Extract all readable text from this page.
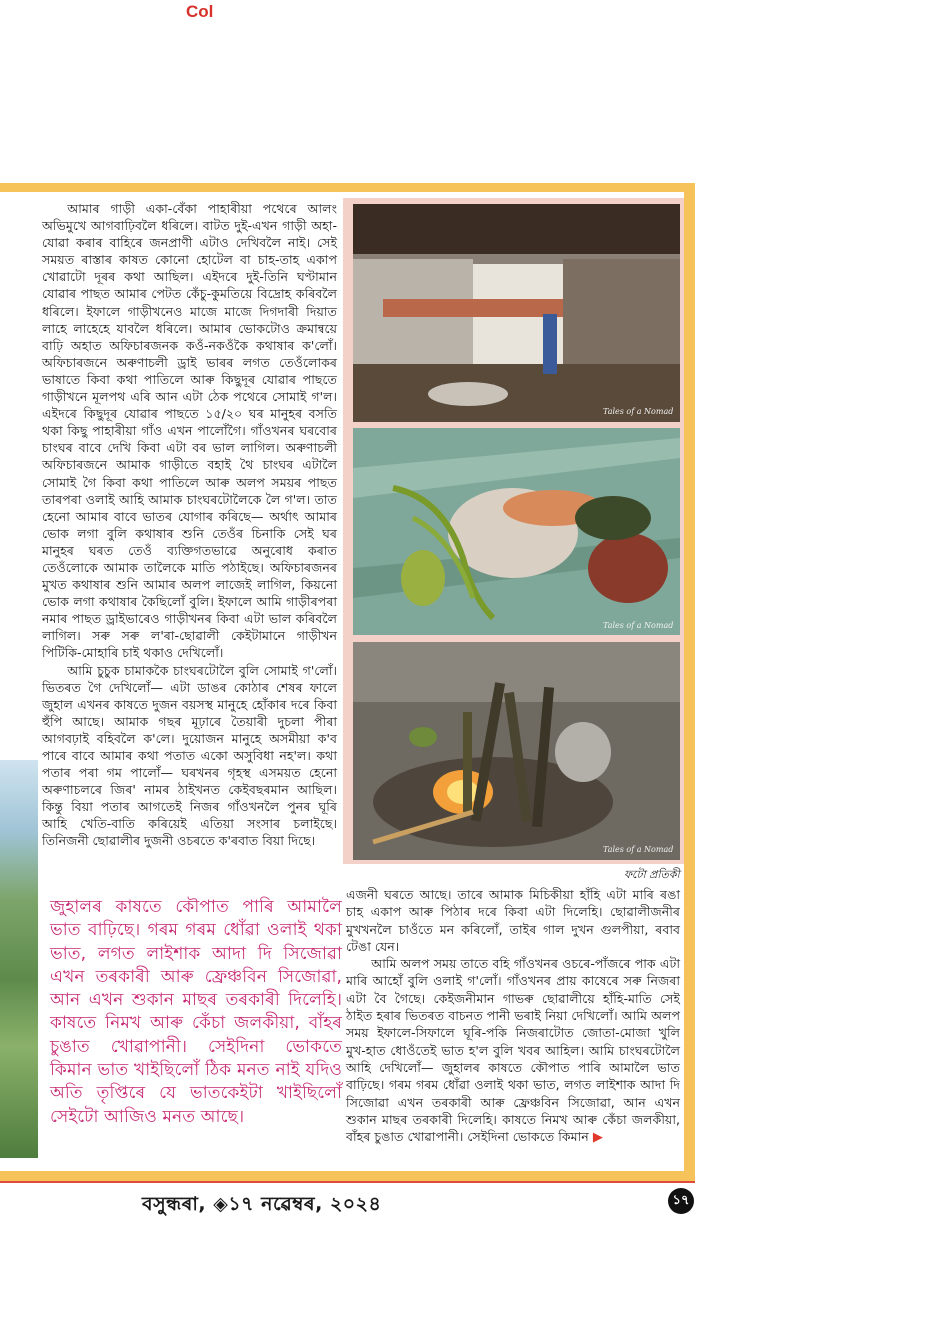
Col

আমাৰ গাড়ী একা-বেঁকা পাহাৰীয়া পথেৰে আলং অভিমুখে আগবাঢ়িবলৈ ধৰিলে। বাটত দুই-এখন গাড়ী অহা-যোৱা কৰাৰ বাহিৰে জনপ্ৰাণী এটাও দেখিবলৈ নাই। সেই সময়ত ৰাস্তাৰ কাষত কোনো হোটেল বা চাহ-তাহ একাপ খোৱাটো দূৰৰ কথা আছিল। এইদৰে দুই-তিনি ঘণ্টামান যোৱাৰ পাছত আমাৰ পেটত কেঁচু-কুমতিয়ে বিদ্ৰোহ কৰিবলৈ ধৰিলে। ইফালে গাড়ীখনেও মাজে মাজে দিগদাৰী দিয়াত লাহে লাহেহে যাবলৈ ধৰিলে। আমাৰ ভোকটোও ক্ৰমান্বয়ে বাঢ়ি অহাত অফিচাৰজনক কওঁ-নকওঁকৈ কথাষাৰ ক'লোঁ। অফিচাৰজনে অৰুণাচলী ড্ৰাই ভাৰৰ লগত তেওঁলোকৰ ভাষাতে কিবা কথা পাতিলে আৰু কিছুদূৰ যোৱাৰ পাছতে গাড়ীখনে মূলপথ এৰি আন এটা ঠেক পথেৰে সোমাই গ'ল। এইদৰে কিছুদূৰ যোৱাৰ পাছতে ১৫/২০ ঘৰ মানুহৰ বসতি থকা কিছু পাহাৰীয়া গাঁও এখন পালোঁগৈ। গাঁওখনৰ ঘৰবোৰ চাংঘৰ বাবে দেখি কিবা এটা বৰ ভাল লাগিল। অৰুণাচলী অফিচাৰজনে আমাক গাড়ীতে বহাই থৈ চাংঘৰ এটালৈ সোমাই গৈ কিবা কথা পাতিলে আৰু অলপ সময়ৰ পাছত তাৰপৰা ওলাই আহি আমাক চাংঘৰটোলৈকে লৈ গ'ল। তাত হেনো আমাৰ বাবে ভাতৰ যোগাৰ কৰিছে— অৰ্থাৎ আমাৰ ভোক লগা বুলি কথাষাৰ শুনি তেওঁৰ চিনাকি সেই ঘৰ মানুহৰ ঘৰত তেওঁ ব্যক্তিগতভাৱে অনুৰোধ কৰাত তেওঁলোকে আমাক তালৈকে মাতি পঠাইছে। অফিচাৰজনৰ মুখত কথাষাৰ শুনি আমাৰ অলপ লাজেই লাগিল, কিয়নো ভোক লগা কথাষাৰ কৈছিলোঁ বুলি। ইফালে আমি গাড়ীৰপৰা নমাৰ পাছত ড্ৰাইভাৰেও গাড়ীখনৰ কিবা এটা ভাল কৰিবলৈ লাগিল। সৰু সৰু ল'ৰা-ছোৱালী কেইটামানে গাড়ীখন পিটিকি-মোহাৰি চাই থকাও দেখিলোঁ।

আমি চুচুক চামাককৈ চাংঘৰটোলৈ বুলি সোমাই গ'লোঁ। ভিতৰত গৈ দেখিলোঁ— এটা ডাঙৰ কোঠাৰ শেষৰ ফালে জুহাল এখনৰ কাষতে দুজন বয়সস্থ মানুহে হোঁকাৰ দৰে কিবা হুঁপি আছে। আমাক গছৰ মূঢ়াৰে তৈয়াৰী দুচলা পীৰা আগবঢ়াই বহিবলৈ ক'লে। দুয়োজন মানুহে অসমীয়া ক'ব পাৰে বাবে আমাৰ কথা পতাত একো অসুবিধা নহ'ল। কথা পতাৰ পৰা গম পালোঁ— ঘৰখনৰ গৃহস্থ এসময়ত হেনো অৰুণাচলৰে জিৰ' নামৰ ঠাইখনত কেইবছৰমান আছিল। কিন্তু বিয়া পতাৰ আগতেই নিজৰ গাঁওখনলৈ পুনৰ ঘূৰি আহি খেতি-বাতি কৰিয়েই এতিয়া সংসাৰ চলাইছে। তিনিজনী ছোৱালীৰ দুজনী ওচৰতে ক'ৰবাত বিয়া দিছে।

জুহালৰ কাষতে কৌপাত পাৰি আমালৈ ভাত বাঢ়িছে। গৰম গৰম ধোঁৱা ওলাই থকা ভাত, লগত লাইশাক আদা দি সিজোৱা এখন তৰকাৰী আৰু ফ্ৰেঞ্চবিন সিজোৱা, আন এখন শুকান মাছৰ তৰকাৰী দিলেহি। কাষতে নিমখ আৰু কেঁচা জলকীয়া, বাঁহৰ চুঙাত খোৱাপানী। সেইদিনা ভোকতে কিমান ভাত খাইছিলোঁ ঠিক মনত নাই যদিও অতি তৃপ্তিৰে যে ভাতকেইটা খাইছিলোঁ সেইটো আজিও মনত আছে।
Tales of a Nomad
Tales of a Nomad
Tales of a Nomad
ফটো প্ৰতিকী

এজনী ঘৰতে আছে। তাৰে আমাক মিচিকীয়া হাঁহি এটা মাৰি ৰঙা চাহ একাপ আৰু পিঠাৰ দৰে কিবা এটা দিলেহি। ছোৱালীজনীৰ মুখখনলৈ চাওঁতে মন কৰিলোঁ, তাইৰ গাল দুখন গুলপীয়া, ৰবাব টেঙা যেন।

আমি অলপ সময় তাতে বহি গাঁওখনৰ ওচৰে-পাঁজৰে পাক এটা মাৰি আহোঁ বুলি ওলাই গ'লোঁ। গাঁওখনৰ প্ৰায় কাষেৰে সৰু নিজৰা এটা বৈ গৈছে। কেইজনীমান গাভৰু ছোৱালীয়ে হাঁহি-মাতি সেই ঠাইত হৰাৰ ভিতৰত বাচনত পানী ভৰাই নিয়া দেখিলোঁ। আমি অলপ সময় ইফালে-সিফালে ঘূৰি-পকি নিজৰাটোত জোতা-মোজা খুলি মুখ-হাত ধোওঁতেই ভাত হ'ল বুলি খবৰ আহিল। আমি চাংঘৰটোলৈ আহি দেখিলোঁ— জুহালৰ কাষতে কৌপাত পাৰি আমালৈ ভাত বাঢ়িছে। গৰম গৰম ধোঁৱা ওলাই থকা ভাত, লগত লাইশাক আদা দি সিজোৱা এখন তৰকাৰী আৰু ফ্ৰেঞ্চবিন সিজোৱা, আন এখন শুকান মাছৰ তৰকাৰী দিলেহি। কাষতে নিমখ আৰু কেঁচা জলকীয়া, বাঁহৰ চুঙাত খোৱাপানী। সেইদিনা ভোকতে কিমান ▶

বসুন্ধৰা, ◈১৭ নৱেম্বৰ, ২০২৪	১৭
